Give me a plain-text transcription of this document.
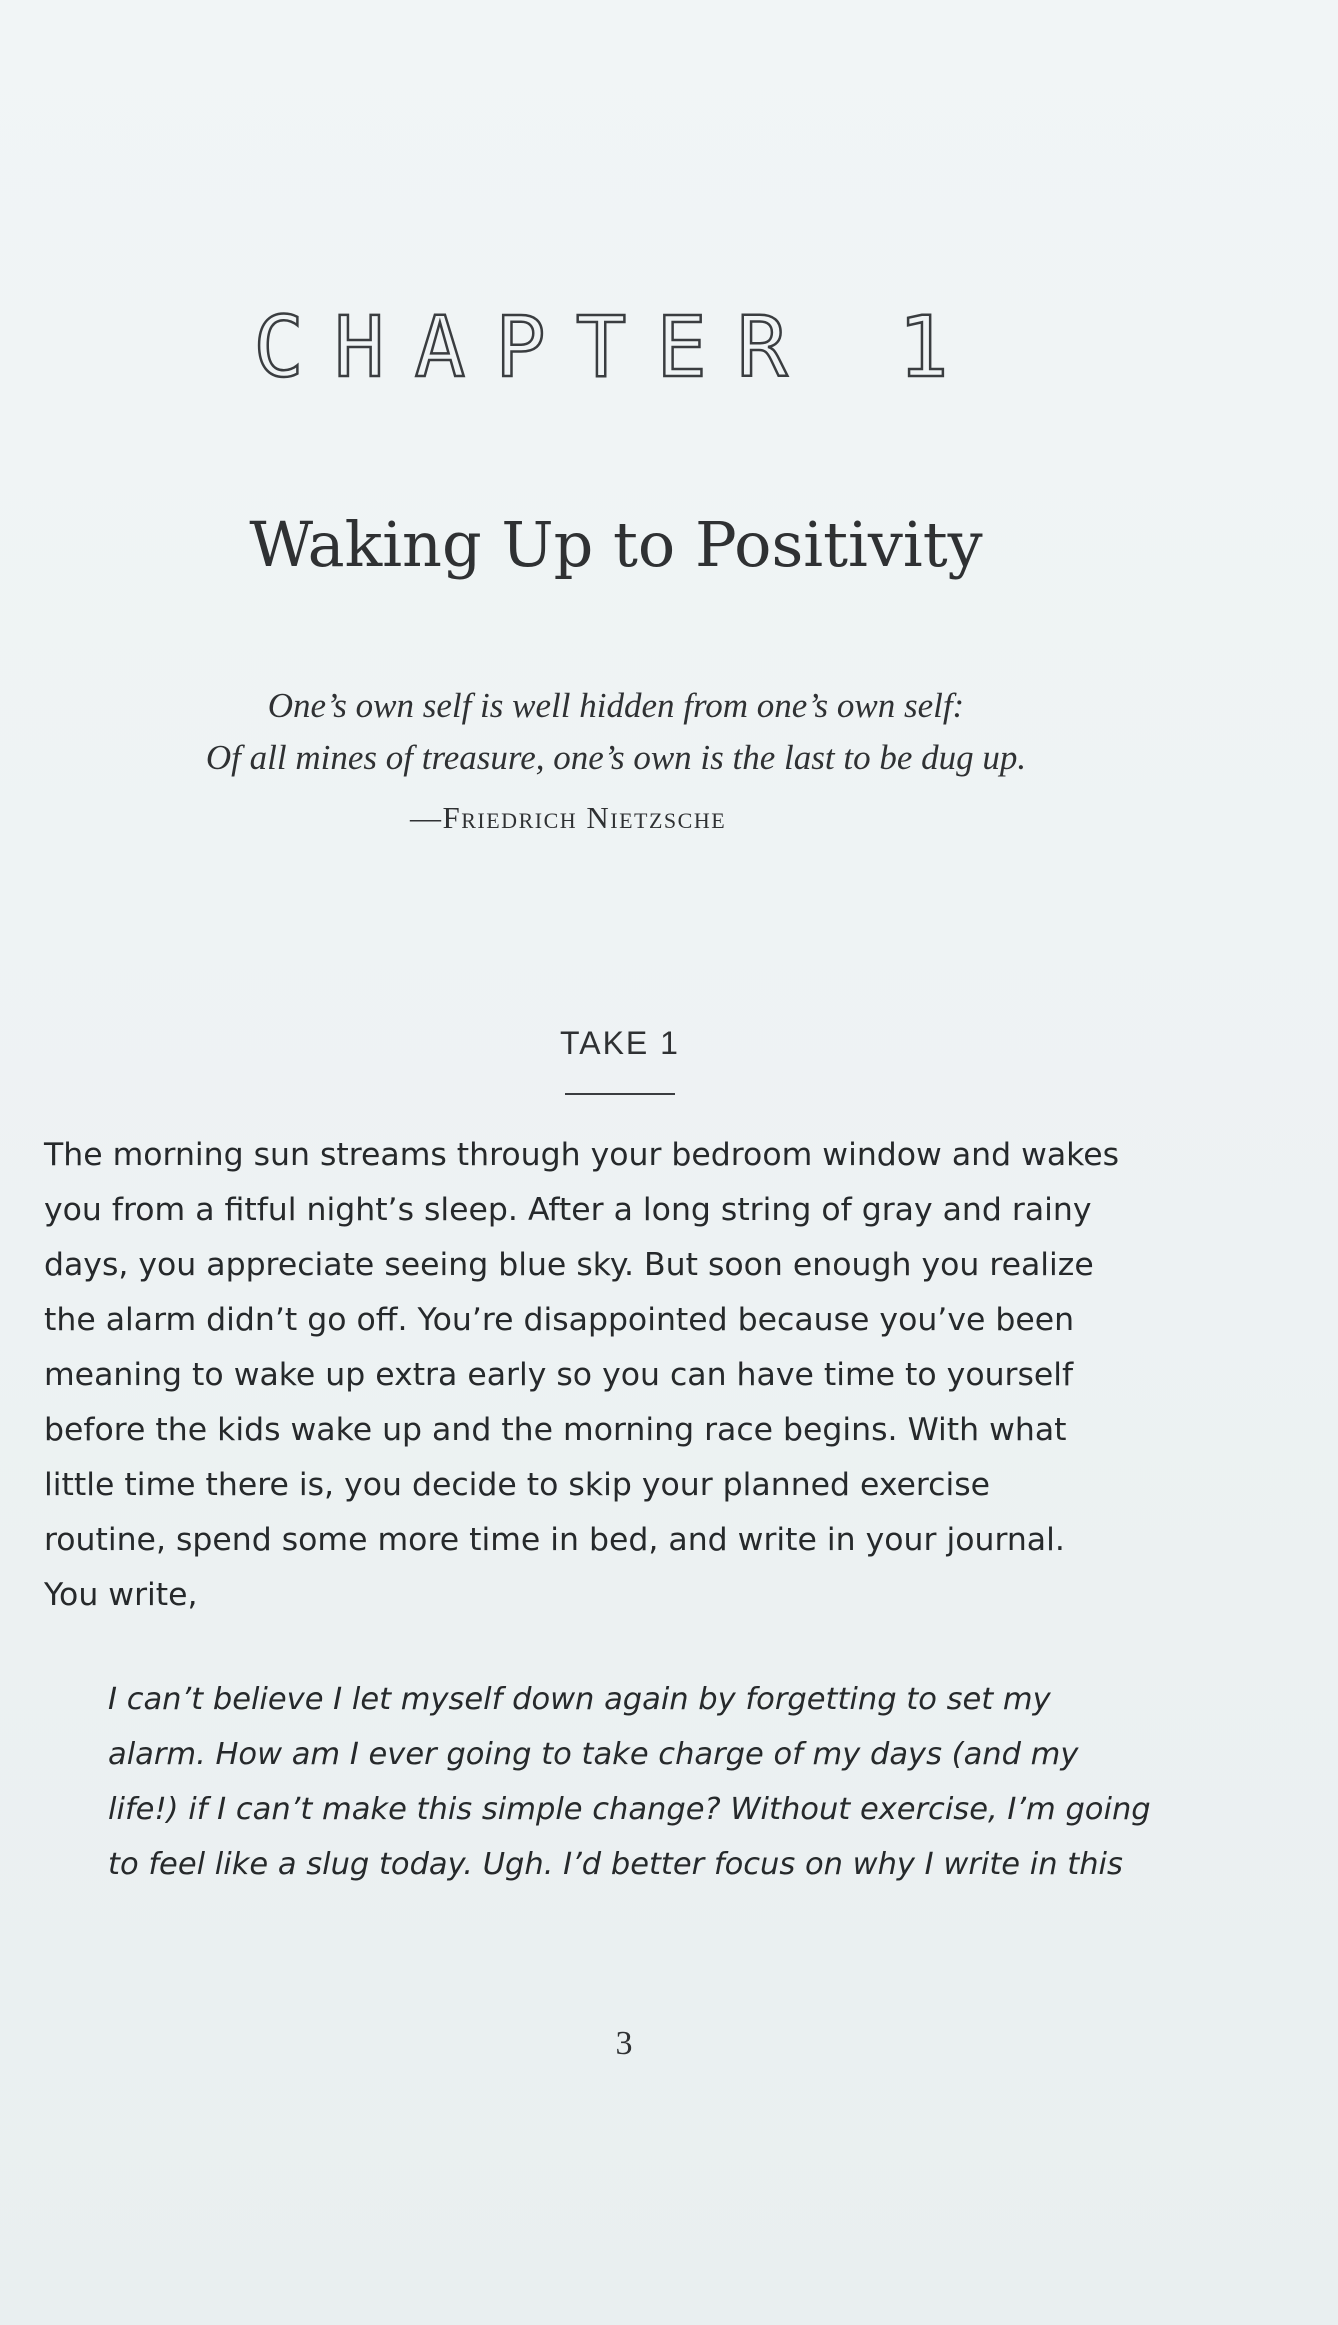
CHAPTER 1
Waking Up to Positivity
One’s own self is well hidden from one’s own self:
Of all mines of treasure, one’s own is the last to be dug up.
—Friedrich Nietzsche
TAKE 1

The morning sun streams through your bedroom window and wakes

you from a fitful night’s sleep. After a long string of gray and rainy

days, you appreciate seeing blue sky. But soon enough you realize

the alarm didn’t go off. You’re disappointed because you’ve been

meaning to wake up extra early so you can have time to yourself

before the kids wake up and the morning race begins. With what

little time there is, you decide to skip your planned exercise

routine, spend some more time in bed, and write in your journal.

You write,

I can’t believe I let myself down again by forgetting to set my

alarm. How am I ever going to take charge of my days (and my

life!) if I can’t make this simple change? Without exercise, I’m going

to feel like a slug today. Ugh. I’d better focus on why I write in this

3
